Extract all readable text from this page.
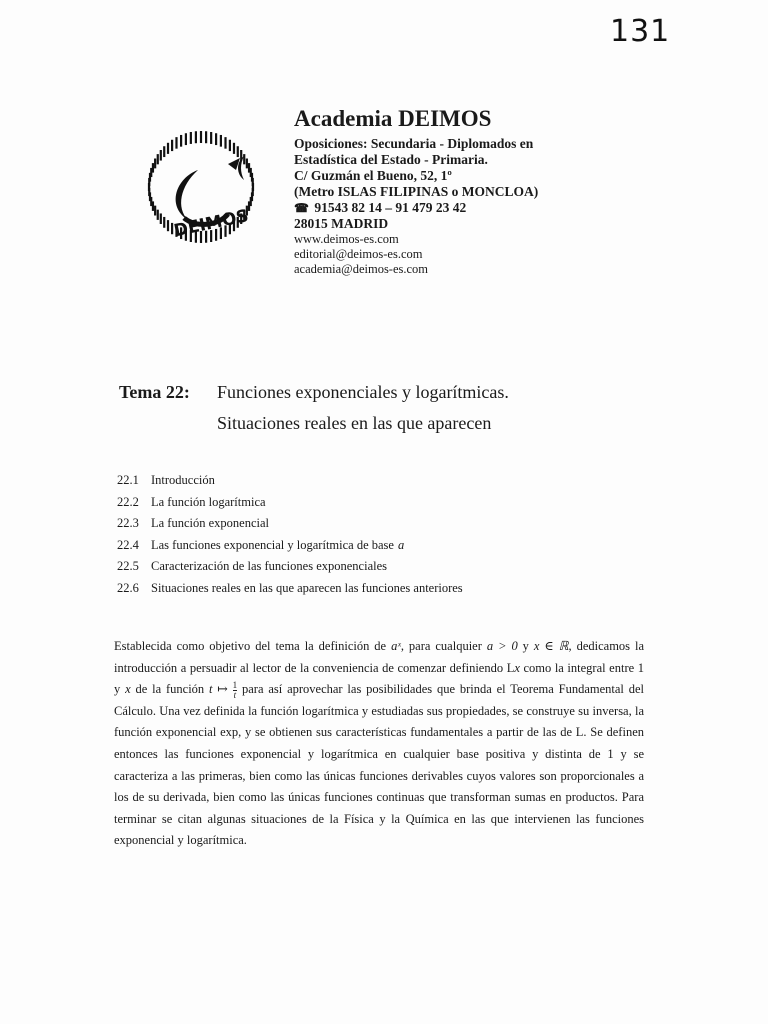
131
DEIMOS

Academia DEIMOS

Oposiciones: Secundaria - Diplomados en

Estadística del Estado - Primaria.

C/ Guzmán el Bueno, 52, 1º

(Metro ISLAS FILIPINAS o MONCLOA)

☎ 91543 82 14 – 91 479 23 42

28015 MADRID

www.deimos-es.com

editorial@deimos-es.com

academia@deimos-es.com

Tema 22:	Funciones exponenciales y logarítmicas.
Situaciones reales en las que aparecen
22.1 Introducción
22.2 La función logarítmica
22.3 La función exponencial
22.4 Las funciones exponencial y logarítmica de base a
22.5 Caracterización de las funciones exponenciales
22.6 Situaciones reales en las que aparecen las funciones anteriores

Establecida como objetivo del tema la definición de aˣ, para cualquier a > 0 y x ∈ ℝ, dedicamos la introducción a persuadir al lector de la conveniencia de comenzar definiendo Lx como la integral entre 1 y x de la función t ↦ $\frac{1}{t}$ para así aprovechar las posibilidades que brinda el Teorema Fundamental del Cálculo. Una vez definida la función logarítmica y estudiadas sus propiedades, se construye su inversa, la función exponencial exp, y se obtienen sus características fundamentales a partir de las de L. Se definen entonces las funciones exponencial y logarítmica en cualquier base positiva y distinta de 1 y se caracteriza a las primeras, bien como las únicas funciones derivables cuyos valores son proporcionales a los de su derivada, bien como las únicas funciones continuas que transforman sumas en productos. Para terminar se citan algunas situaciones de la Física y la Química en las que intervienen las funciones exponencial y logarítmica.
